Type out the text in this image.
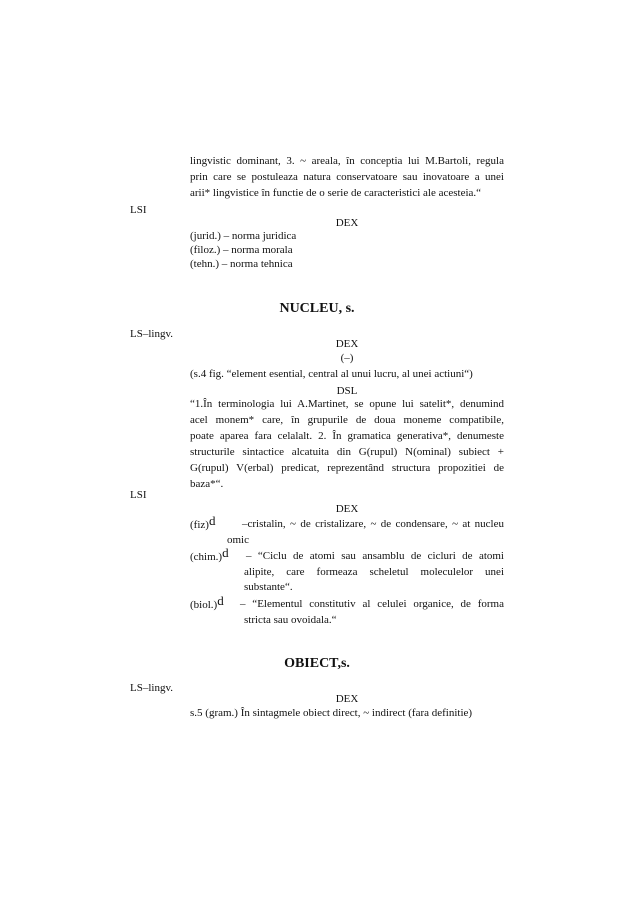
lingvistic dominant, 3. ~ areala, în conceptia lui M.Bartoli, regula
prin care se postuleaza natura conservatoare sau inovatoare a unei
arii* lingvistice în functie de o serie de caracteristici ale acesteia.“
LSI
DEX
(jurid.) – norma juridica
(filoz.) – norma morala
(tehn.) – norma tehnica
NUCLEU, s.
LS–lingv.
DEX
(–)
(s.4 fig. “element esential, central al unui lucru, al unei actiuni“)
DSL
“1.În terminologia lui A.Martinet, se opune lui satelit*, denumind
acel monem* care, în grupurile de doua moneme compatibile,
poate aparea fara celalalt. 2. În gramatica generativa*, denumeste
structurile sintactice alcatuita din G(rupul) N(ominal) subiect +
G(rupul) V(erbal) predicat, reprezentând structura propozitiei de
baza*“.
LSI
DEX
(fiz)d –cristalin, ~ de cristalizare, ~ de condensare, ~ at nucleu
omic
(chim.)d – “Ciclu de atomi sau ansamblu de cicluri de atomi
alipite, care formeaza scheletul moleculelor unei
substante“.
(biol.)d – “Elementul constitutiv al celulei organice, de forma
stricta sau ovoidala.“
OBIECT,s.
LS–lingv.
DEX
s.5 (gram.) În sintagmele obiect direct, ~ indirect (fara definitie)
